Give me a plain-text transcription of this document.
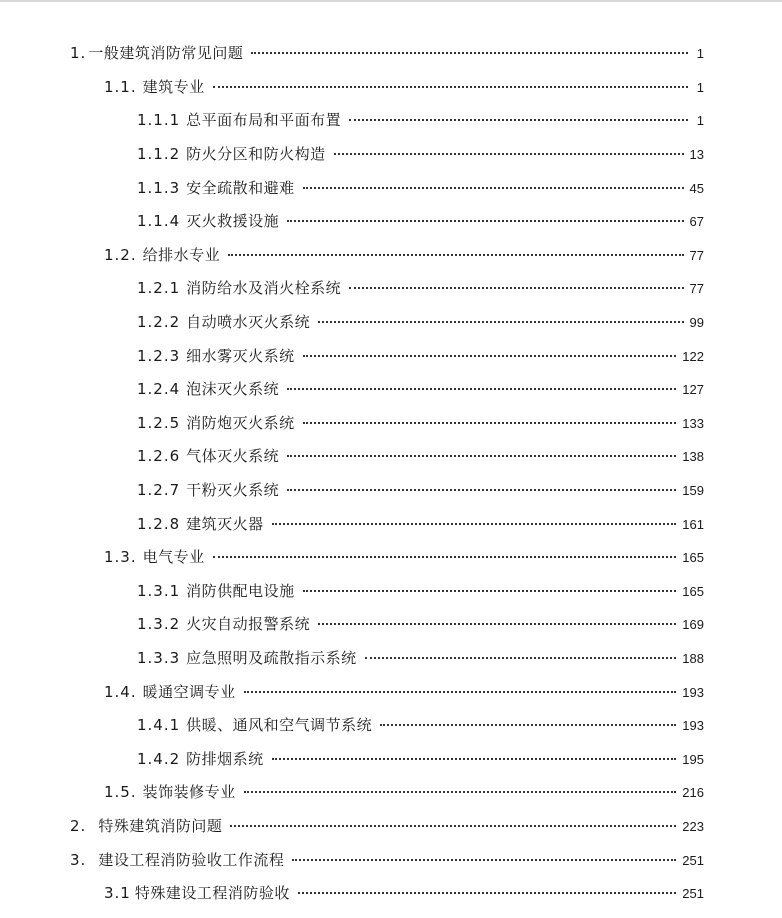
1. 一般建筑消防常见问题	1
1.1. 建筑专业	1
1.1.1 总平面布局和平面布置	1
1.1.2 防火分区和防火构造	13
1.1.3 安全疏散和避难	45
1.1.4 灭火救援设施	67
1.2. 给排水专业	77
1.2.1 消防给水及消火栓系统	77
1.2.2 自动喷水灭火系统	99
1.2.3 细水雾灭火系统	122
1.2.4 泡沫灭火系统	127
1.2.5 消防炮灭火系统	133
1.2.6 气体灭火系统	138
1.2.7 干粉灭火系统	159
1.2.8 建筑灭火器	161
1.3. 电气专业	165
1.3.1 消防供配电设施	165
1.3.2 火灾自动报警系统	169
1.3.3 应急照明及疏散指示系统	188
1.4. 暖通空调专业	193
1.4.1 供暖、通风和空气调节系统	193
1.4.2 防排烟系统	195
1.5. 装饰装修专业	216
2. 特殊建筑消防问题	223
3. 建设工程消防验收工作流程	251
3.1 特殊建设工程消防验收	251
